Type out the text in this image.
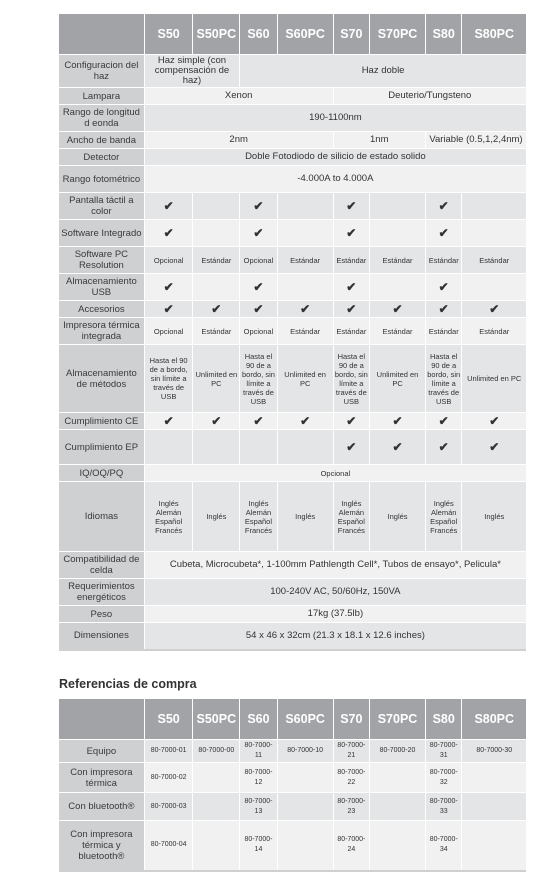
	S50	S50PC	S60	S60PC	S70	S70PC	S80	S80PC
Configuracion del haz	Haz simple (con compensación de haz)		Haz doble					
Lampara	Xenon				Deuterio/Tungsteno			
Rango de longitud d eonda	190-1100nm							
Ancho de banda	2nm				1nm		Variable (0.5,1,2,4nm)	
Detector	Doble Fotodiodo de silicio de estado solido							
Rango fotométrico	-4.000A to 4.000A							
Pantalla táctil a color	✔		✔		✔		✔	
Software Integrado	✔		✔		✔		✔	
Software PC Resolution	Opcional	Estándar	Opcional	Estándar	Estándar	Estándar	Estándar	Estándar
Almacenamiento USB	✔		✔		✔		✔	
Accesorios	✔	✔	✔	✔	✔	✔	✔	✔
Impresora térmica integrada	Opcional	Estándar	Opcional	Estándar	Estándar	Estándar	Estándar	Estándar
Almacenamiento de métodos	Hasta el 90 de a bordo, sin límite a través de USB	Unlimited en PC	Hasta el 90 de a bordo, sin límite a través de USB	Unlimited en PC	Hasta el 90 de a bordo, sin límite a través de USB	Unlimited en PC	Hasta el 90 de a bordo, sin límite a través de USB	Unlimited en PC
Cumplimiento CE	✔	✔	✔	✔	✔	✔	✔	✔
Cumplimiento EP					✔	✔	✔	✔
IQ/OQ/PQ	Opcional							
Idiomas	Inglés Alemán Español Francés	Inglés	Inglés Alemán Español Francés	Inglés	Inglés Alemán Español Francés	Inglés	Inglés Alemán Español Francés	Inglés
Compatibilidad de celda	Cubeta, Microcubeta*, 1-100mm Pathlength Cell*, Tubos de ensayo*, Pelicula*							
Requerimientos energéticos	100-240V AC, 50/60Hz, 150VA							
Peso	17kg (37.5lb)							
Dimensiones	54 x 46 x 32cm (21.3 x 18.1 x 12.6 inches)							
Referencias de compra
	S50	S50PC	S60	S60PC	S70	S70PC	S80	S80PC
Equipo	80-7000-01	80-7000-00	80-7000-11	80-7000-10	80-7000-21	80-7000-20	80-7000-31	80-7000-30
Con impresora térmica	80-7000-02		80-7000-12		80-7000-22		80-7000-32	
Con bluetooth®	80-7000-03		80-7000-13		80-7000-23		80-7000-33	
Con impresora térmica y bluetooth®	80-7000-04		80-7000-14		80-7000-24		80-7000-34	
